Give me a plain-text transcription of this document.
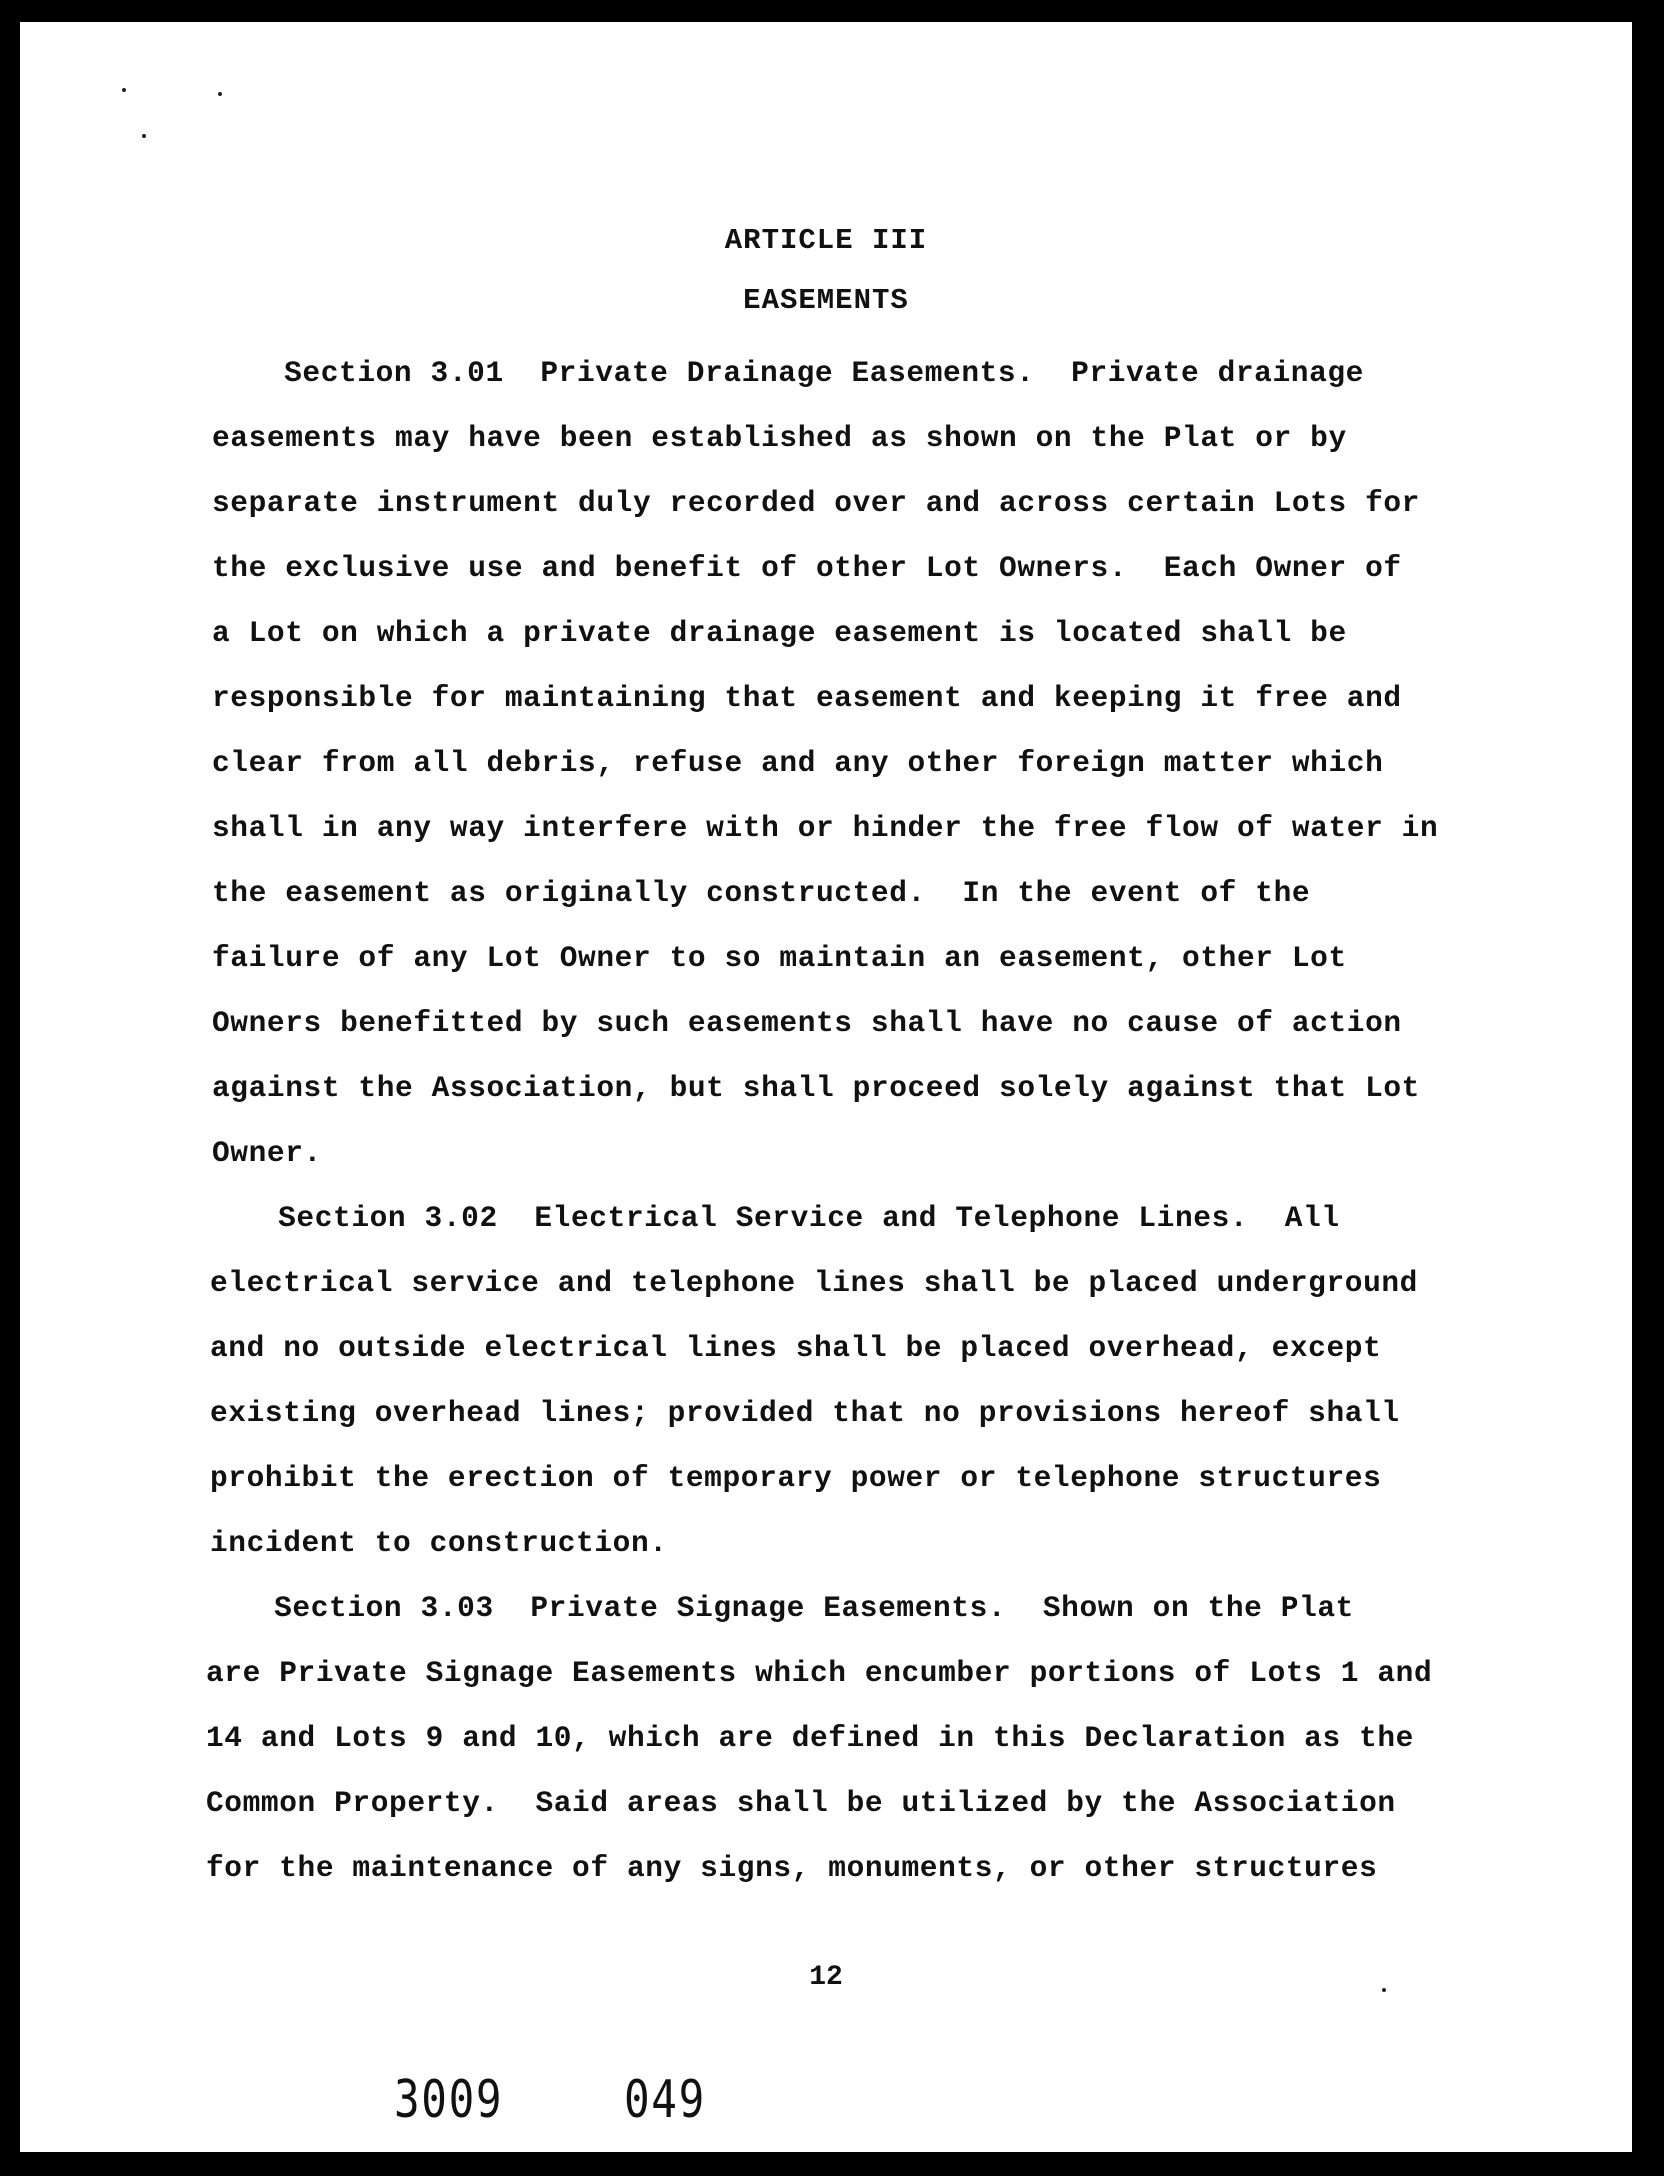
ARTICLE III
EASEMENTS
Section 3.01  Private Drainage Easements.  Private drainage
easements may have been established as shown on the Plat or by
separate instrument duly recorded over and across certain Lots for
the exclusive use and benefit of other Lot Owners.  Each Owner of
a Lot on which a private drainage easement is located shall be
responsible for maintaining that easement and keeping it free and
clear from all debris, refuse and any other foreign matter which
shall in any way interfere with or hinder the free flow of water in
the easement as originally constructed.  In the event of the
failure of any Lot Owner to so maintain an easement, other Lot
Owners benefitted by such easements shall have no cause of action
against the Association, but shall proceed solely against that Lot
Owner.
Section 3.02  Electrical Service and Telephone Lines.  All
electrical service and telephone lines shall be placed underground
and no outside electrical lines shall be placed overhead, except
existing overhead lines; provided that no provisions hereof shall
prohibit the erection of temporary power or telephone structures
incident to construction.
Section 3.03  Private Signage Easements.  Shown on the Plat
are Private Signage Easements which encumber portions of Lots 1 and
14 and Lots 9 and 10, which are defined in this Declaration as the
Common Property.  Said areas shall be utilized by the Association
for the maintenance of any signs, monuments, or other structures
12
3009 049
